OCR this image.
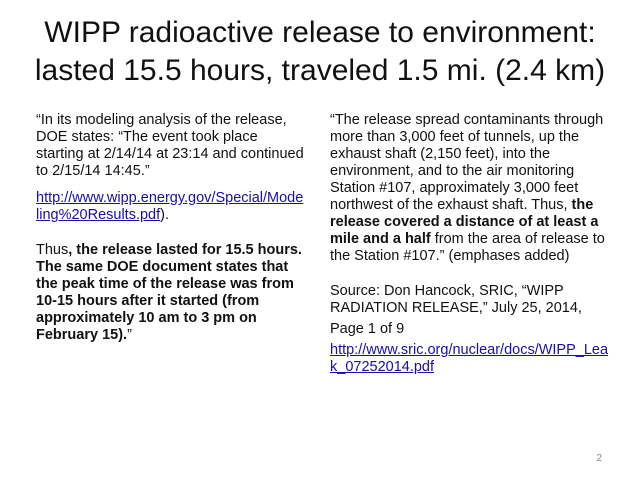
WIPP radioactive release to environment:
lasted 15.5 hours, traveled 1.5 mi. (2.4 km)

“In its modeling analysis of the release, DOE states: “The event took place starting at 2/14/14 at 23:14 and continued to 2/15/14 14:45.”

http://www.wipp.energy.gov/Special/Modeling%20Results.pdf).

Thus, the release lasted for 15.5 hours. The same DOE document states that the peak time of the release was from 10-15 hours after it started (from approximately 10 am to 3 pm on February 15).”

“The release spread contaminants through more than 3,000 feet of tunnels, up the exhaust shaft (2,150 feet), into the environment, and to the air monitoring Station #107, approximately 3,000 feet northwest of the exhaust shaft. Thus, the release covered a distance of at least a mile and a half from the area of release to the Station #107.” (emphases added)

Source: Don Hancock, SRIC, “WIPP RADIATION RELEASE,” July 25, 2014,

Page 1 of 9

http://www.sric.org/nuclear/docs/WIPP_Leak_07252014.pdf

2
